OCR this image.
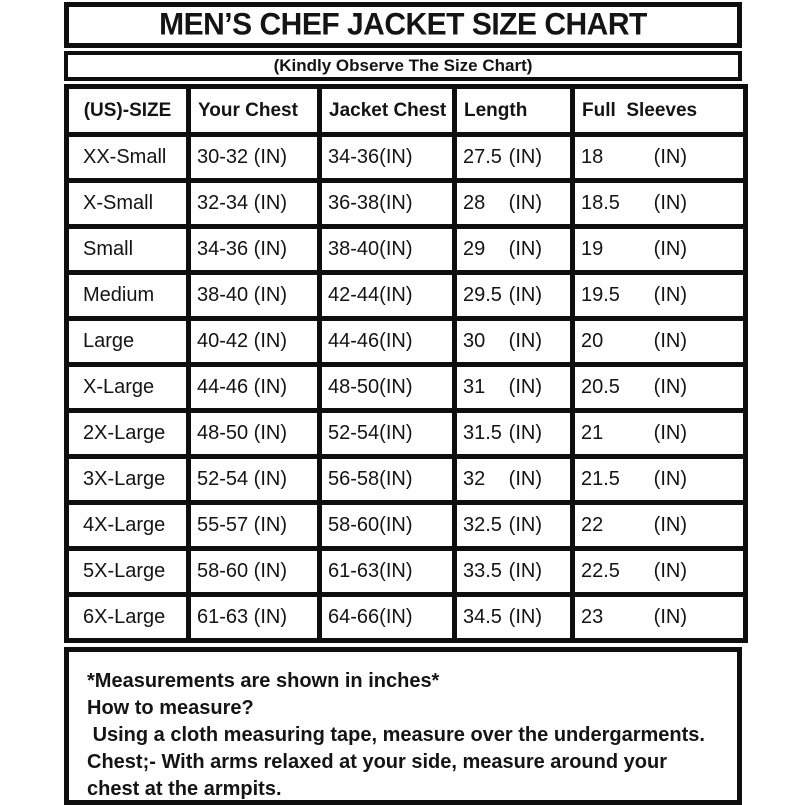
MEN’S CHEF JACKET SIZE CHART
(Kindly Observe The Size Chart)
(US)-SIZE	Your Chest	Jacket Chest	Length	Full  Sleeves
XX-Small	30-32 (IN)	34-36 (IN)	27.5 (IN)	18 (IN)

X-Small	32-34 (IN)	36-38 (IN)	28 (IN)	18.5 (IN)

Small	34-36 (IN)	38-40 (IN)	29 (IN)	19 (IN)

Medium	38-40 (IN)	42-44 (IN)	29.5 (IN)	19.5 (IN)

Large	40-42 (IN)	44-46 (IN)	30 (IN)	20 (IN)

X-Large	44-46 (IN)	48-50 (IN)	31 (IN)	20.5 (IN)

2X-Large	48-50 (IN)	52-54 (IN)	31.5 (IN)	21 (IN)

3X-Large	52-54 (IN)	56-58 (IN)	32 (IN)	21.5 (IN)

4X-Large	55-57 (IN)	58-60 (IN)	32.5 (IN)	22 (IN)

5X-Large	58-60 (IN)	61-63 (IN)	33.5 (IN)	22.5 (IN)

6X-Large	61-63 (IN)	64-66 (IN)	34.5 (IN)	23 (IN)
*Measurements are shown in inches*
How to measure?
Using a cloth measuring tape, measure over the undergarments.
Chest;- With arms relaxed at your side, measure around your
chest at the armpits.
